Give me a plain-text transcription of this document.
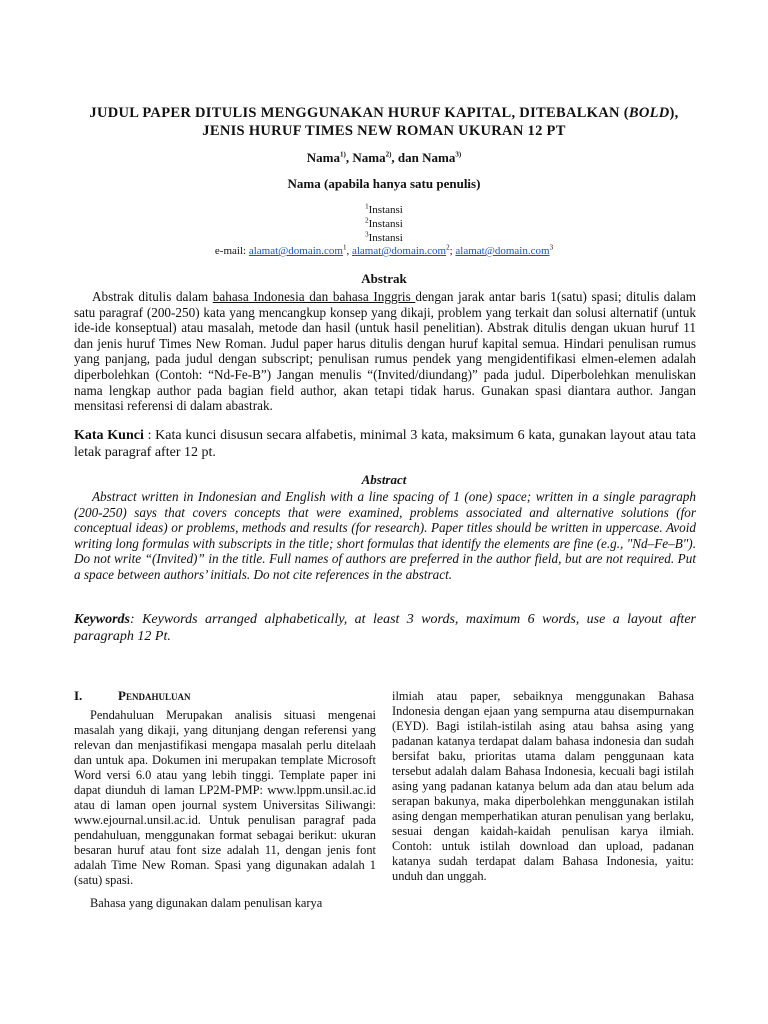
JUDUL PAPER DITULIS MENGGUNAKAN HURUF KAPITAL, DITEBALKAN (BOLD),
JENIS HURUF TIMES NEW ROMAN UKURAN 12 PT
Nama$^{1)}$, Nama$^{2)}$, dan Nama$^{3)}$
Nama (apabila hanya satu penulis)
$^1$Instansi
$^2$Instansi
$^3$Instansi
e-mail: alamat@domain.com$^1$, alamat@domain.com$^2$; alamat@domain.com$^3$
Abstrak
Abstrak ditulis dalam bahasa Indonesia dan bahasa Inggris dengan jarak antar baris 1(satu) spasi; ditulis dalam satu paragraf (200-250) kata yang mencangkup konsep yang dikaji, problem yang terkait dan solusi alternatif (untuk ide-ide konseptual) atau masalah, metode dan hasil (untuk hasil penelitian). Abstrak ditulis dengan ukuan huruf 11 dan jenis huruf Times New Roman. Judul paper harus ditulis dengan huruf kapital semua. Hindari penulisan rumus yang panjang, pada judul dengan subscript; penulisan rumus pendek yang mengidentifikasi elmen-elemen adalah diperbolehkan (Contoh: “Nd-Fe-B”) Jangan menulis “(Invited/diundang)” pada judul. Diperbolehkan menuliskan nama lengkap author pada bagian field author, akan tetapi tidak harus. Gunakan spasi diantara author. Jangan mensitasi referensi di dalam abastrak.
Kata Kunci : Kata kunci disusun secara alfabetis, minimal 3 kata, maksimum 6 kata, gunakan layout atau tata letak paragraf after 12 pt.
Abstract
Abstract written in Indonesian and English with a line spacing of 1 (one) space; written in a single paragraph (200-250) says that covers concepts that were examined, problems associated and alternative solutions (for conceptual ideas) or problems, methods and results (for research). Paper titles should be written in uppercase. Avoid writing long formulas with subscripts in the title; short formulas that identify the elements are fine (e.g., "Nd–Fe–B"). Do not write “(Invited)” in the title. Full names of authors are preferred in the author field, but are not required. Put a space between authors’ initials. Do not cite references in the abstract.
Keywords: Keywords arranged alphabetically, at least 3 words, maximum 6 words, use a layout after paragraph 12 Pt.
I.	Pendahuluan

Pendahuluan Merupakan analisis situasi mengenai masalah yang dikaji, yang ditunjang dengan referensi yang relevan dan menjastifikasi mengapa masalah perlu ditelaah dan untuk apa. Dokumen ini merupakan template Microsoft Word versi 6.0 atau yang lebih tinggi. Template paper ini dapat diunduh di laman LP2M-PMP: www.lppm.unsil.ac.id atau di laman open journal system Universitas Siliwangi: www.ejournal.unsil.ac.id. Untuk penulisan paragraf pada pendahuluan, menggunakan format sebagai berikut: ukuran besaran huruf atau font size adalah 11, dengan jenis font adalah Time New Roman. Spasi yang digunakan adalah 1 (satu) spasi.

Bahasa yang digunakan dalam penulisan karya

ilmiah atau paper, sebaiknya menggunakan Bahasa Indonesia dengan ejaan yang sempurna atau disempurnakan (EYD). Bagi istilah-istilah asing atau bahsa asing yang padanan katanya terdapat dalam bahasa indonesia dan sudah bersifat baku, prioritas utama dalam penggunaan kata tersebut adalah dalam Bahasa Indonesia, kecuali bagi istilah asing yang padanan katanya belum ada dan atau belum ada serapan bakunya, maka diperbolehkan menggunakan istilah asing dengan memperhatikan aturan penulisan yang berlaku, sesuai dengan kaidah-kaidah penulisan karya ilmiah. Contoh: untuk istilah download dan upload, padanan katanya sudah terdapat dalam Bahasa Indonesia, yaitu: unduh dan unggah.
